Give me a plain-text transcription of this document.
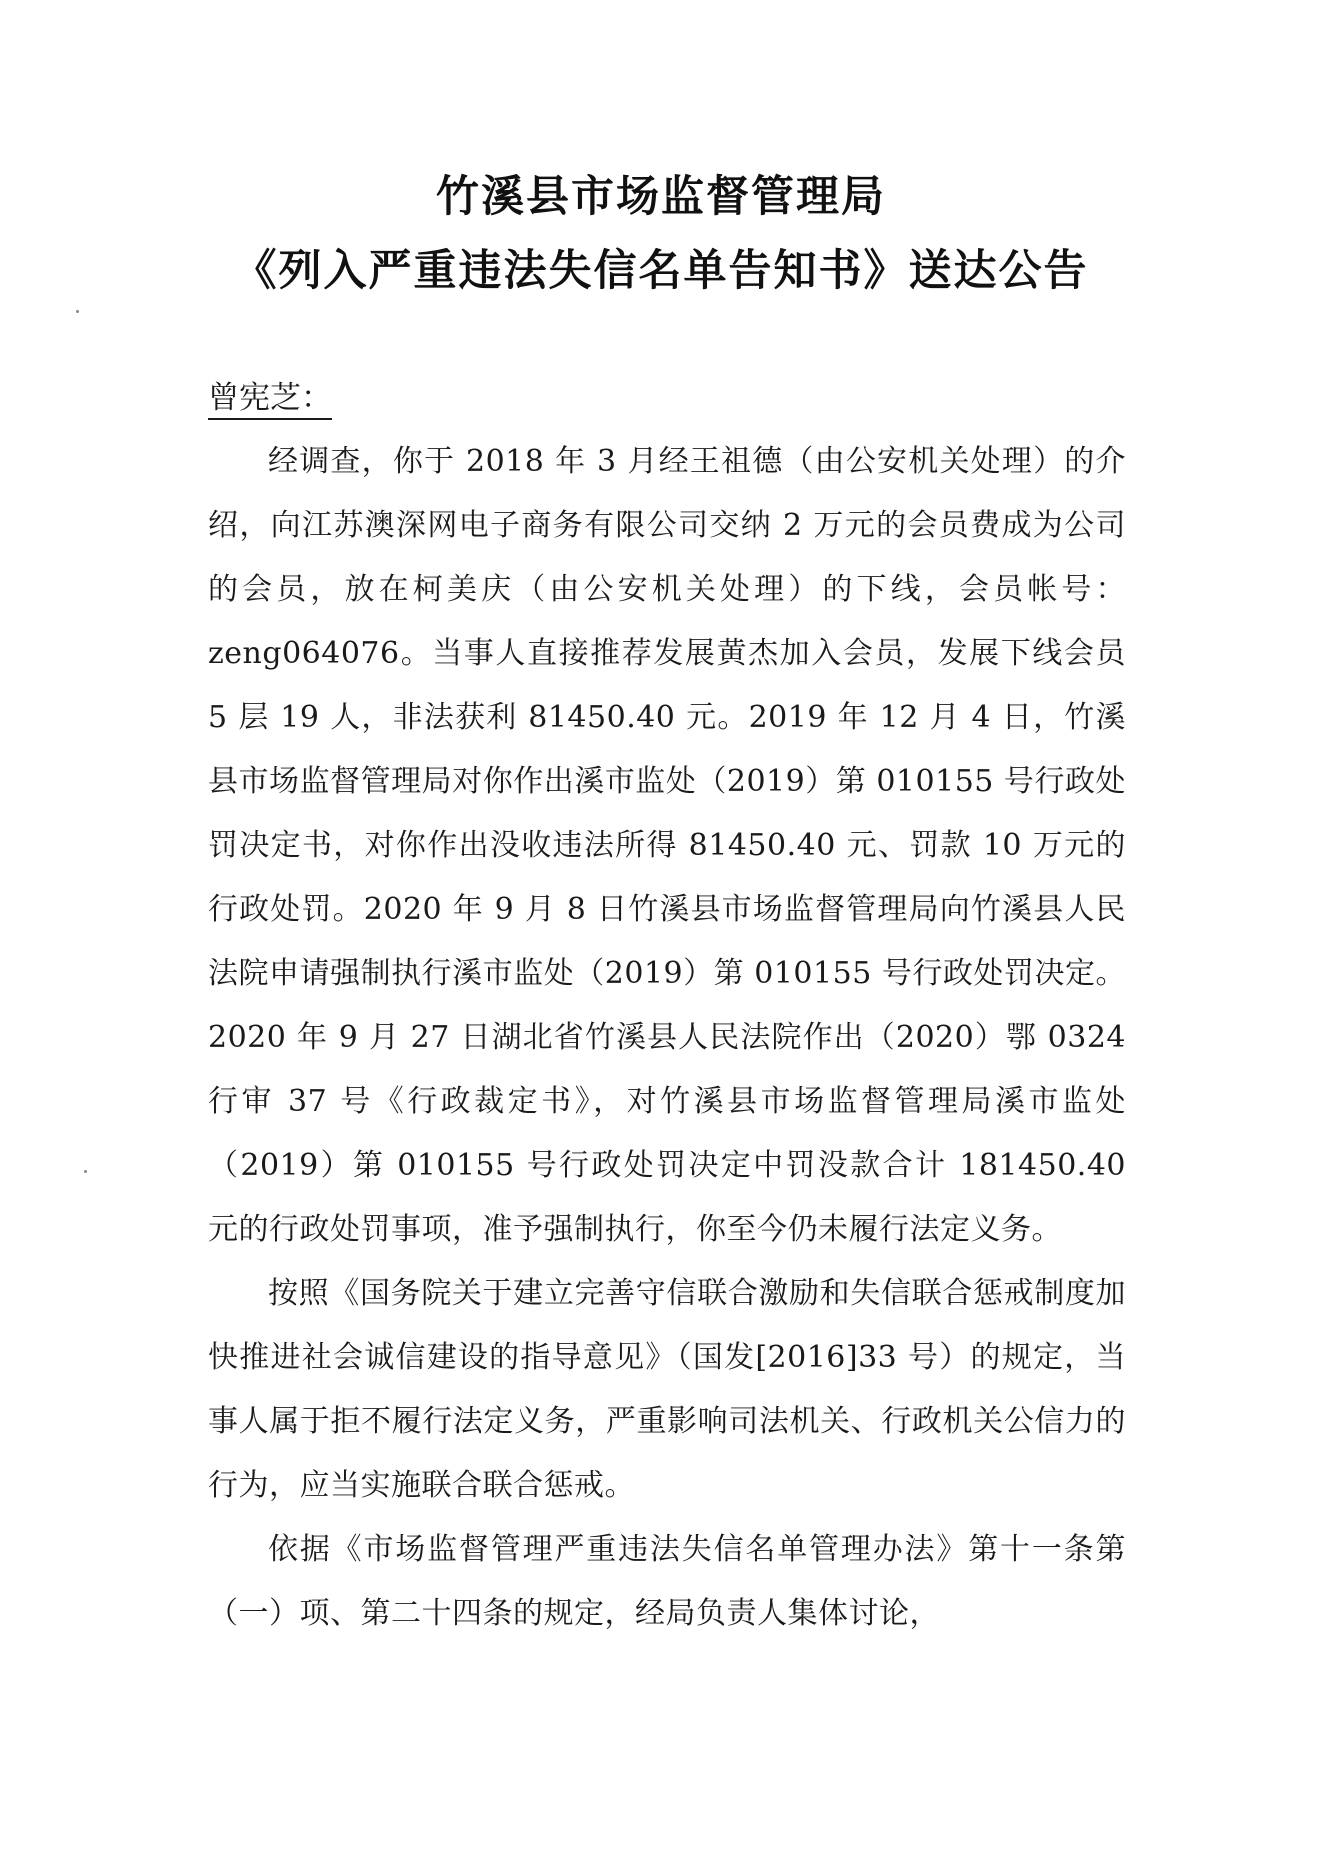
竹溪县市场监督管理局
《列入严重违法失信名单告知书》送达公告
曾宪芝：

经调查，你于 2018 年 3 月经王祖德（由公安机关处理）的介绍，向江苏澳深网电子商务有限公司交纳 2 万元的会员费成为公司的会员，放在柯美庆（由公安机关处理）的下线，会员帐号：zeng064076。当事人直接推荐发展黄杰加入会员，发展下线会员 5 层 19 人，非法获利 81450.40 元。2019 年 12 月 4 日，竹溪县市场监督管理局对你作出溪市监处（2019）第 010155 号行政处罚决定书，对你作出没收违法所得 81450.40 元、罚款 10 万元的行政处罚。2020 年 9 月 8 日竹溪县市场监督管理局向竹溪县人民法院申请强制执行溪市监处（2019）第 010155 号行政处罚决定。2020 年 9 月 27 日湖北省竹溪县人民法院作出（2020）鄂 0324 行审 37 号《行政裁定书》，对竹溪县市场监督管理局溪市监处（2019）第 010155 号行政处罚决定中罚没款合计 181450.40 元的行政处罚事项，准予强制执行，你至今仍未履行法定义务。

按照《国务院关于建立完善守信联合激励和失信联合惩戒制度加快推进社会诚信建设的指导意见》（国发[2016]33 号）的规定，当事人属于拒不履行法定义务，严重影响司法机关、行政机关公信力的行为，应当实施联合联合惩戒。

依据《市场监督管理严重违法失信名单管理办法》第十一条第（一）项、第二十四条的规定，经局负责人集体讨论，
